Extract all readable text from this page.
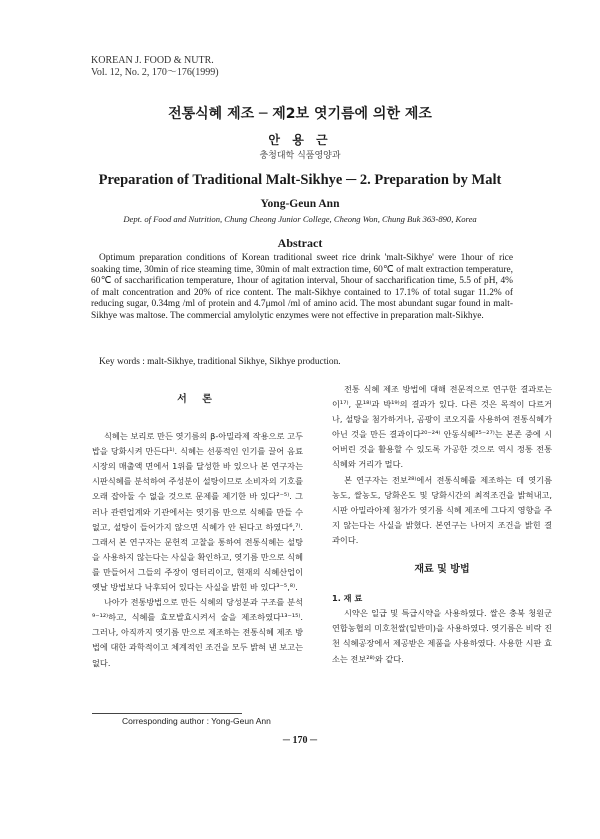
KOREAN J. FOOD & NUTR.
Vol. 12, No. 2, 170～176(1999)
전통식혜 제조 ─ 제2보 엿기름에 의한 제조
안 용 근
충청대학 식품영양과
Preparation of Traditional Malt-Sikhye ─ 2. Preparation by Malt
Yong-Geun Ann
Dept. of Food and Nutrition, Chung Cheong Junior College, Cheong Won, Chung Buk 363-890, Korea
Abstract

Optimum preparation conditions of Korean traditional sweet rice drink 'malt-Sikhye' were 1hour of rice soaking time, 30min of rice steaming time, 30min of malt extraction time, 60℃ of malt extraction temperature, 60℃ of saccharification temperature, 1hour of agitation interval, 5hour of saccharification time, 5.5 of pH, 4% of malt concentration and 20% of rice content. The malt-Sikhye contained to 17.1% of total sugar 11.2% of reducing sugar, 0.34mg /ml of protein and 4.7μmol /ml of amino acid. The most abundant sugar found in malt-Sikhye was maltose. The commercial amylolytic enzymes were not effective in preparation malt-Sikhye.

Key words : malt-Sikhye, traditional Sikhye, Sikhye production.
서 론

식혜는 보리로 만든 엿기름의 β-아밀라제 작용으로 고두밥을 당화시켜 만든다¹⁾. 식혜는 선풍적인 인기를 끌어 음료시장의 매출액 면에서 1위를 달성한 바 있으나 본 연구자는 시판식혜를 분석하여 주성분이 설탕이므로 소비자의 기호를 오래 잡아둘 수 없을 것으로 문제를 제기한 바 있다²⁻⁵⁾. 그러나 관련업계와 기관에서는 엿기름 만으로 식혜를 만들 수 없고, 설탕이 들어가지 않으면 식혜가 안 된다고 하였다⁶,⁷⁾. 그래서 본 연구자는 문헌적 고찰을 통하여 전통식혜는 설탕을 사용하지 않는다는 사실을 확인하고, 엿기름 만으로 식혜를 만들어서 그들의 주장이 영터리이고, 현재의 식혜산업이 옛날 방법보다 낙후되어 있다는 사실을 밝힌 바 있다³⁻⁵,⁸⁾.

나아가 전통방법으로 만든 식혜의 당성분과 구조를 분석⁹⁻¹²⁾하고, 식혜를 효모발효시켜서 술을 제조하였다¹³⁻¹⁵⁾. 그러나, 아직까지 엿기름 만으로 제조하는 전통식혜 제조 방법에 대한 과학적이고 체계적인 조건을 모두 밝혀 낸 보고는 없다.

전통 식혜 제조 방법에 대해 전문적으로 연구한 결과로는 이¹⁷⁾, 문¹⁸⁾과 박¹⁹⁾의 결과가 있다. 다른 것은 목적이 다르거나, 설탕을 첨가하거나, 곰팡이 코오지를 사용하여 전통식혜가 아닌 것을 만든 결과이다²⁰⁻²⁴⁾ 안동식혜²⁵⁻²⁷⁾는 본존 중에 시어버린 것을 활용할 수 있도록 가공한 것으로 역시 정통 전통식혜와 거리가 멀다.

본 연구자는 전보²⁸⁾에서 전통식혜를 제조하는 데 엿기름 농도, 쌀농도, 당화온도 및 당화시간의 최적조건을 밝혀내고, 시판 아밀라아제 첨가가 엿기름 식혜 제조에 그다지 영향을 주지 않는다는 사실을 밝혔다. 본연구는 나머지 조건을 밝힌 결과이다.

재료 및 방법
1. 재 료

시약은 일급 및 특급시약을 사용하였다. 쌀은 충북 청원군 연합농협의 미호천쌀(일반미)을 사용하였다. 엿기름은 비락 진천 식혜공장에서 제공받은 제품을 사용하였다. 사용한 시판 효소는 전보²⁸⁾와 같다.

Corresponding author : Yong-Geun Ann
─ 170 ─
